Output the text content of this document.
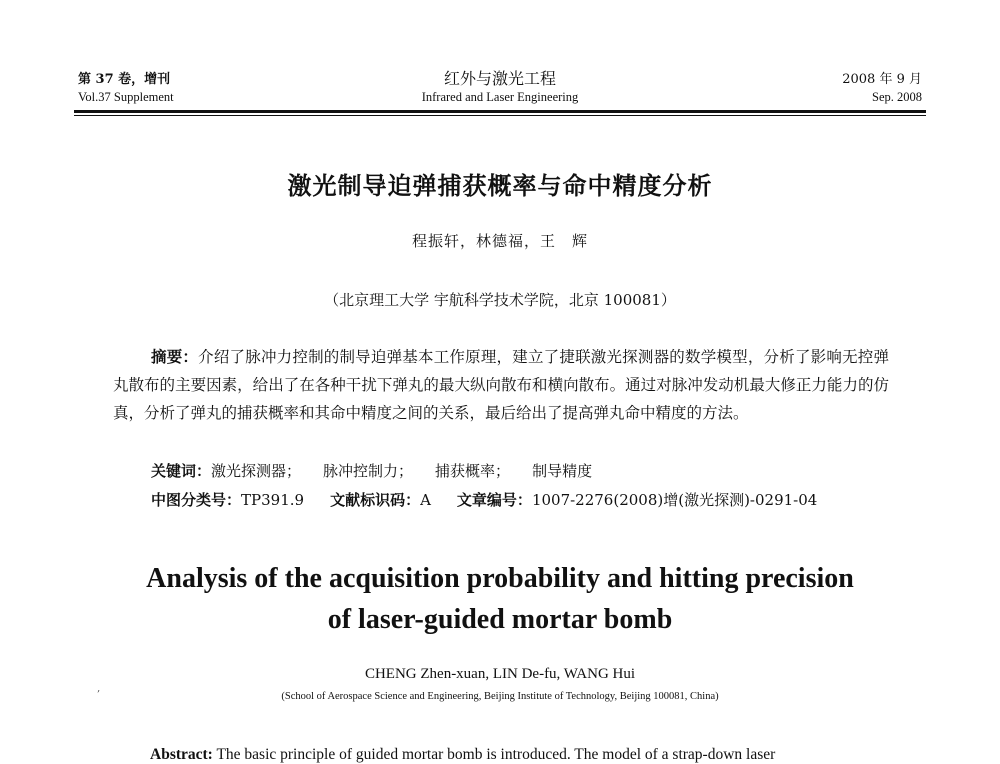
第 37 卷，增刊
Vol.37 Supplement
红外与激光工程
Infrared and Laser Engineering
2008 年 9 月
Sep. 2008
激光制导迫弹捕获概率与命中精度分析
程振轩，林德福，王　辉
（北京理工大学 宇航科学技术学院，北京 100081）
摘要：介绍了脉冲力控制的制导迫弹基本工作原理，建立了捷联激光探测器的数学模型，分析了影响无控弹丸散布的主要因素，给出了在各种干扰下弹丸的最大纵向散布和横向散布。通过对脉冲发动机最大修正力能力的仿真，分析了弹丸的捕获概率和其命中精度之间的关系，最后给出了提高弹丸命中精度的方法。
关键词：激光探测器； 脉冲控制力； 捕获概率； 制导精度
中图分类号：TP391.9 文献标识码：A 文章编号：1007-2276(2008)增(激光探测)-0291-04
Analysis of the acquisition probability and hitting precision
of laser-guided mortar bomb
‚
CHENG Zhen-xuan, LIN De-fu, WANG Hui
(School of Aerospace Science and Engineering, Beijing Institute of Technology, Beijing 100081, China)
Abstract: The basic principle of guided mortar bomb is introduced. The model of a strap-down laser
